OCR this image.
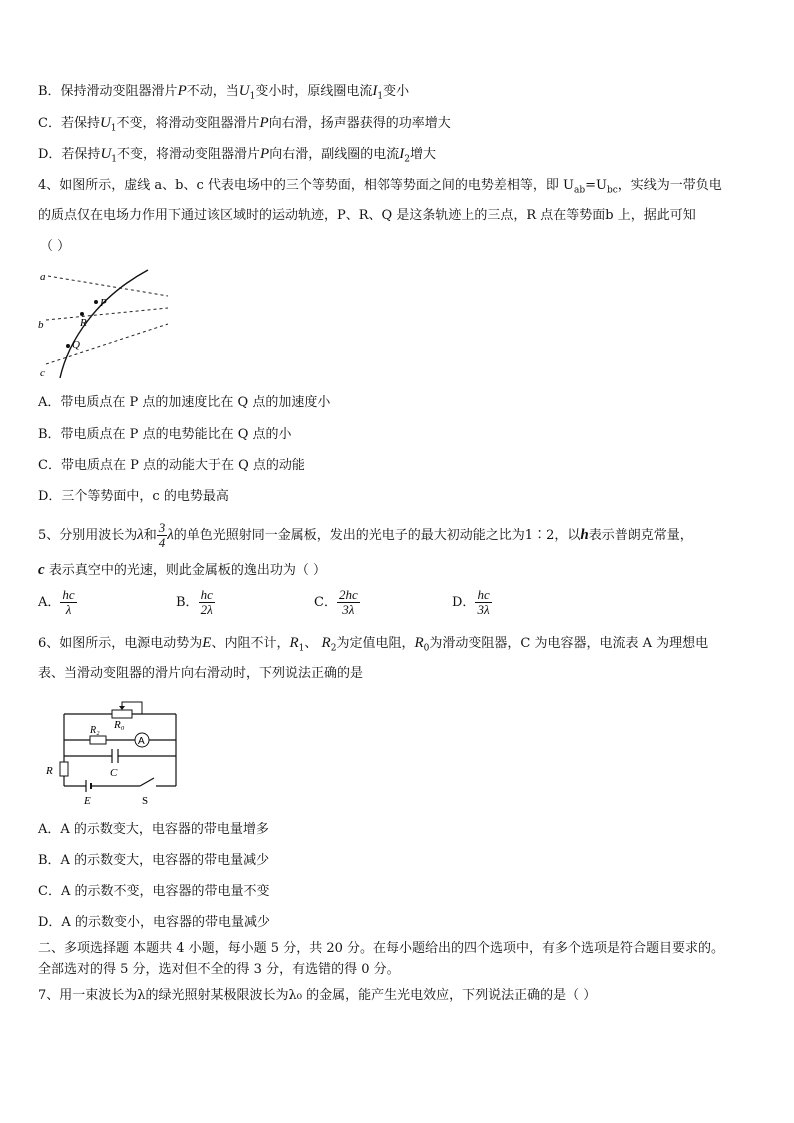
B．保持滑动变阻器滑片P不动，当$U_1$变小时，原线圈电流$I_1$变小
C．若保持$U_1$不变，将滑动变阻器滑片P向右滑，扬声器获得的功率增大
D．若保持$U_1$不变，将滑动变阻器滑片P向右滑，副线圈的电流$I_2$增大
4、如图所示，虚线 a、b、c 代表电场中的三个等势面，相邻等势面之间的电势差相等，即 $U_{ab}=U_{bc}$，实线为一带负电
的质点仅在电场力作用下通过该区域时的运动轨迹，P、R、Q 是这条轨迹上的三点，R 点在等势面b 上，据此可知
（ ）
a
b
c
P
R
Q
A．带电质点在 P 点的加速度比在 Q 点的加速度小
B．带电质点在 P 点的电势能比在 Q 点的小
C．带电质点在 P 点的动能大于在 Q 点的动能
D．三个等势面中，c 的电势最高
5、分别用波长为λ和 $\frac{3}{4}$ λ的单色光照射同一金属板，发出的光电子的最大初动能之比为1∶2，以h表示普朗克常量，
c 表示真空中的光速，则此金属板的逸出功为（ ）
A． $\frac{hc}{\lambda}$	B． $\frac{hc}{2\lambda}$	C． $\frac{2hc}{3\lambda}$	D． $\frac{hc}{3\lambda}$
6、如图所示，电源电动势为E、内阻不计，$R_1$、 $R_2$为定值电阻，$R_0$为滑动变阻器，C 为电容器，电流表 A 为理想电
表、当滑动变阻器的滑片向右滑动时，下列说法正确的是
R₀
R₂
A
C
R
E	S
A．A 的示数变大，电容器的带电量增多
B．A 的示数变大，电容器的带电量减少
C．A 的示数不变，电容器的带电量不变
D．A 的示数变小，电容器的带电量减少
二、多项选择题 本题共 4 小题，每小题 5 分，共 20 分。在每小题给出的四个选项中，有多个选项是符合题目要求的。
全部选对的得 5 分，选对但不全的得 3 分，有选错的得 0 分。
7、用一束波长为λ的绿光照射某极限波长为λ₀ 的金属，能产生光电效应，下列说法正确的是（ ）
